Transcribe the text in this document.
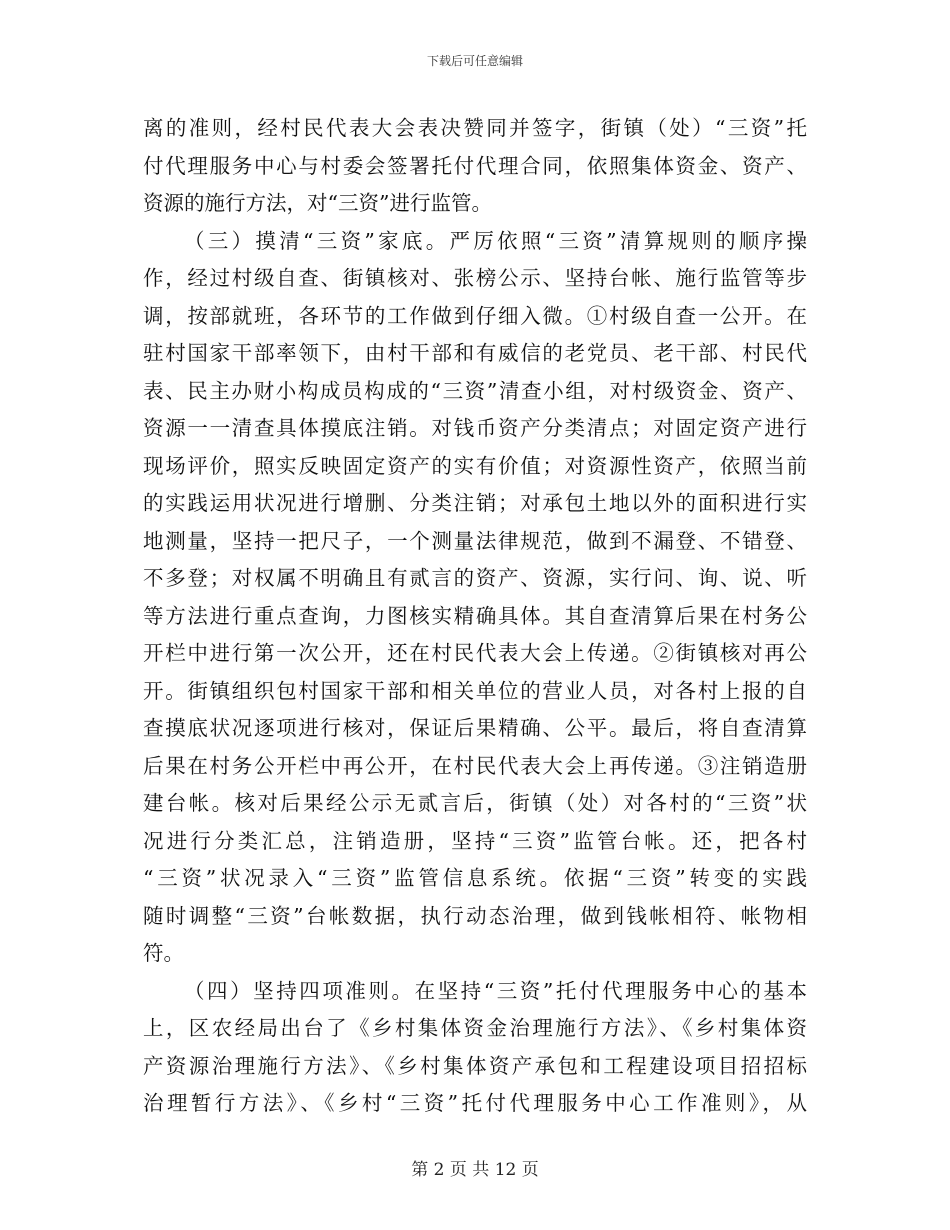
下载后可任意编辑
离的准则，经村民代表大会表决赞同并签字，街镇（处）“三资”托
付代理服务中心与村委会签署托付代理合同，依照集体资金、资产、
资源的施行方法，对“三资”进行监管。
（三）摸清“三资”家底。严厉依照“三资”清算规则的顺序操
作，经过村级自查、街镇核对、张榜公示、坚持台帐、施行监管等步
调，按部就班，各环节的工作做到仔细入微。①村级自查一公开。在
驻村国家干部率领下，由村干部和有威信的老党员、老干部、村民代
表、民主办财小构成员构成的“三资”清查小组，对村级资金、资产、
资源一一清查具体摸底注销。对钱币资产分类清点；对固定资产进行
现场评价，照实反映固定资产的实有价值；对资源性资产，依照当前
的实践运用状况进行增删、分类注销；对承包土地以外的面积进行实
地测量，坚持一把尺子，一个测量法律规范，做到不漏登、不错登、
不多登；对权属不明确且有贰言的资产、资源，实行问、询、说、听
等方法进行重点查询，力图核实精确具体。其自查清算后果在村务公
开栏中进行第一次公开，还在村民代表大会上传递。②街镇核对再公
开。街镇组织包村国家干部和相关单位的营业人员，对各村上报的自
查摸底状况逐项进行核对，保证后果精确、公平。最后，将自查清算
后果在村务公开栏中再公开，在村民代表大会上再传递。③注销造册
建台帐。核对后果经公示无贰言后，街镇（处）对各村的“三资”状
况进行分类汇总，注销造册，坚持“三资”监管台帐。还，把各村
“三资”状况录入“三资”监管信息系统。依据“三资”转变的实践
随时调整“三资”台帐数据，执行动态治理，做到钱帐相符、帐物相
符。
（四）坚持四项准则。在坚持“三资”托付代理服务中心的基本
上，区农经局出台了《乡村集体资金治理施行方法》、《乡村集体资
产资源治理施行方法》、《乡村集体资产承包和工程建设项目招招标
治理暂行方法》、《乡村“三资”托付代理服务中心工作准则》，从
第 2 页 共 12 页
